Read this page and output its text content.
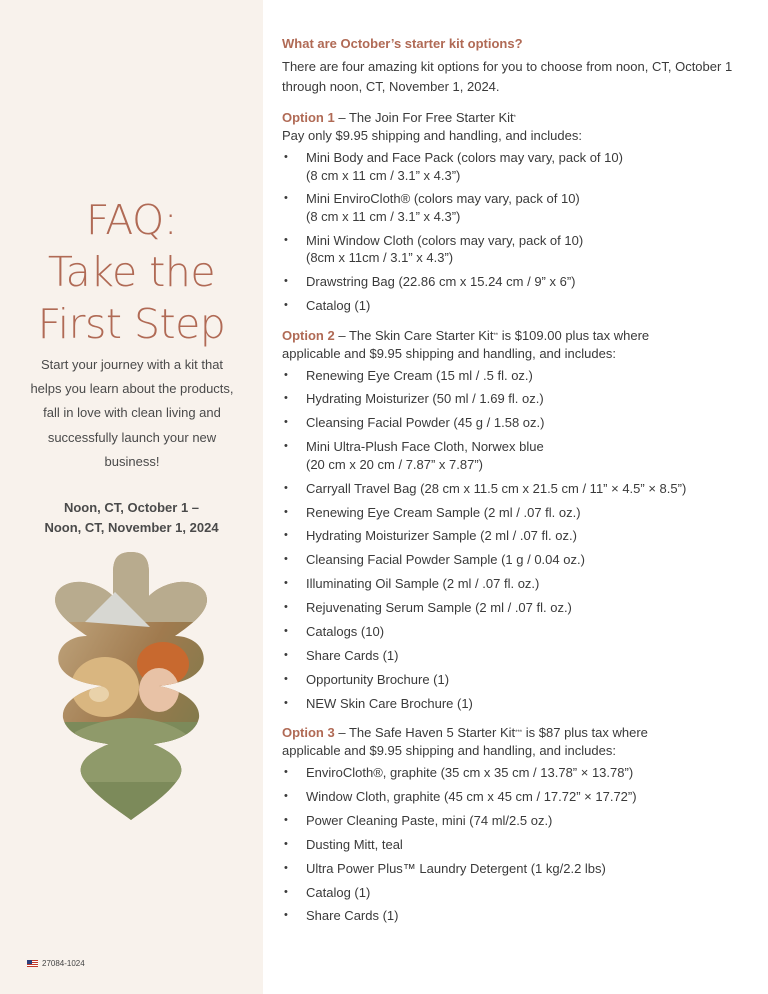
FAQ:
Take the
First Step

Start your journey with a kit that helps you learn about the products, fall in love with clean living and successfully launch your new business!

Noon, CT, October 1 –
Noon, CT, November 1, 2024

27084-1024
What are October’s starter kit options?
There are four amazing kit options for you to choose from noon, CT, October 1 through noon, CT, November 1, 2024.
Option 1 – The Join For Free Starter Kit*
Pay only $9.95 shipping and handling, and includes:
• Mini Body and Face Pack (colors may vary, pack of 10)
(8 cm x 11 cm / 3.1” x 4.3”)
• Mini EnviroCloth® (colors may vary, pack of 10)
(8 cm x 11 cm / 3.1” x 4.3”)
• Mini Window Cloth (colors may vary, pack of 10)
(8cm x 11cm / 3.1” x 4.3”)
• Drawstring Bag (22.86 cm x 15.24 cm / 9” x 6”)
• Catalog (1)
Option 2 – The Skin Care Starter Kit** is $109.00 plus tax where
applicable and $9.95 shipping and handling, and includes:
• Renewing Eye Cream (15 ml / .5 fl. oz.)
• Hydrating Moisturizer (50 ml / 1.69 fl. oz.)
• Cleansing Facial Powder (45 g / 1.58 oz.)
• Mini Ultra-Plush Face Cloth, Norwex blue
(20 cm x 20 cm / 7.87” x 7.87”)
• Carryall Travel Bag (28 cm x 11.5 cm x 21.5 cm / 11” × 4.5” × 8.5”)
• Renewing Eye Cream Sample (2 ml / .07 fl. oz.)
• Hydrating Moisturizer Sample (2 ml / .07 fl. oz.)
• Cleansing Facial Powder Sample (1 g / 0.04 oz.)
• Illuminating Oil Sample (2 ml / .07 fl. oz.)
• Rejuvenating Serum Sample (2 ml / .07 fl. oz.)
• Catalogs (10)
• Share Cards (1)
• Opportunity Brochure (1)
• NEW Skin Care Brochure (1)
Option 3 – The Safe Haven 5 Starter Kit*** is $87 plus tax where
applicable and $9.95 shipping and handling, and includes:
• EnviroCloth®, graphite (35 cm x 35 cm / 13.78” × 13.78”)
• Window Cloth, graphite (45 cm x 45 cm / 17.72” × 17.72”)
• Power Cleaning Paste, mini (74 ml/2.5 oz.)
• Dusting Mitt, teal
• Ultra Power Plus™ Laundry Detergent (1 kg/2.2 lbs)
• Catalog (1)
• Share Cards (1)
